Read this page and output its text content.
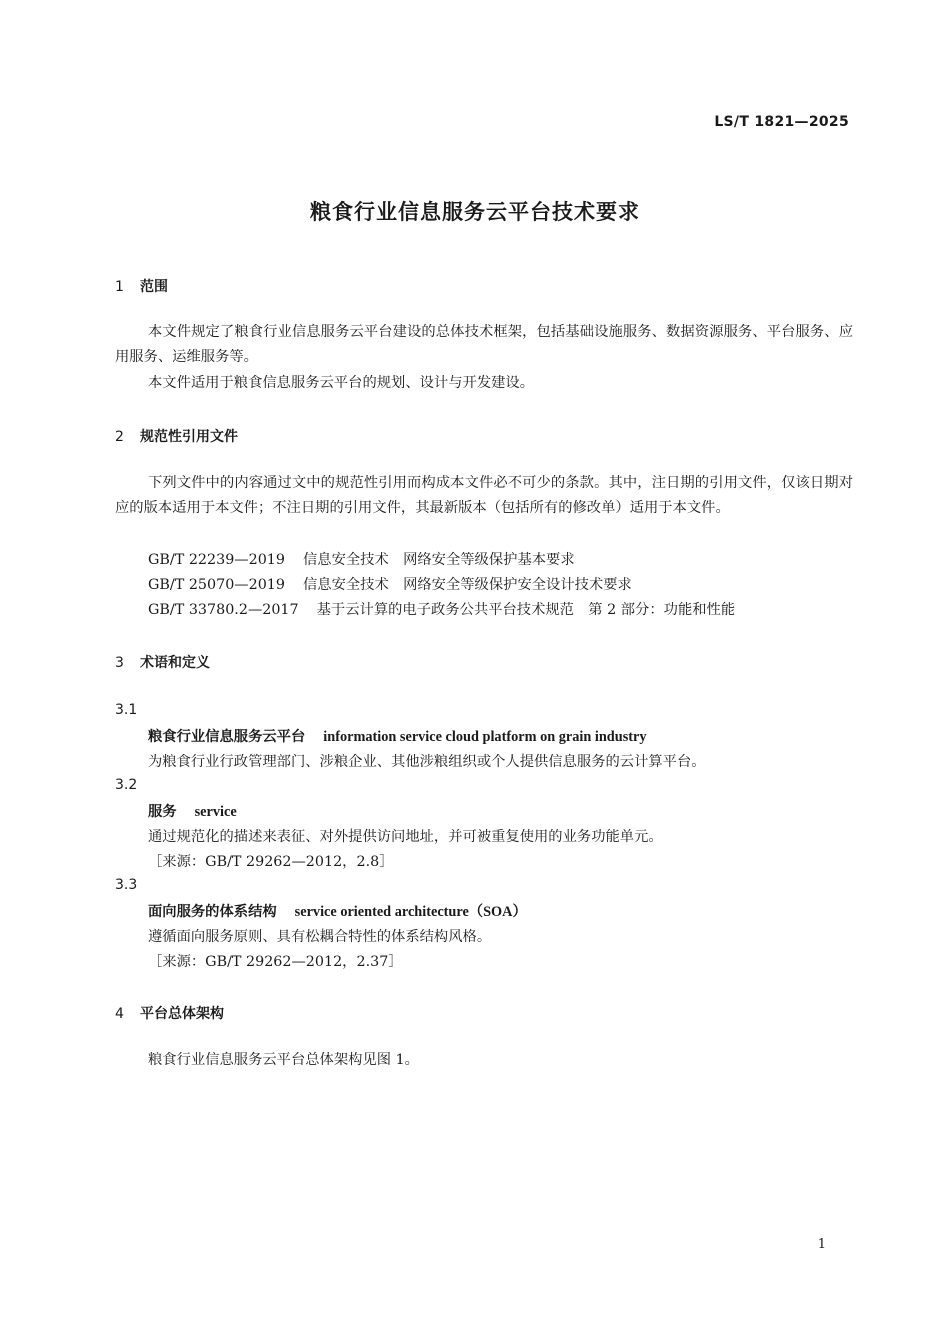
LS/T 1821—2025
粮食行业信息服务云平台技术要求
1 范围
本文件规定了粮食行业信息服务云平台建设的总体技术框架，包括基础设施服务、数据资源服务、平台服务、应用服务、运维服务等。
本文件适用于粮食信息服务云平台的规划、设计与开发建设。
2 规范性引用文件
下列文件中的内容通过文中的规范性引用而构成本文件必不可少的条款。其中，注日期的引用文件，仅该日期对应的版本适用于本文件；不注日期的引用文件，其最新版本（包括所有的修改单）适用于本文件。
GB/T 22239—2019 信息安全技术　网络安全等级保护基本要求
GB/T 25070—2019 信息安全技术　网络安全等级保护安全设计技术要求
GB/T 33780.2—2017 基于云计算的电子政务公共平台技术规范　第 2 部分：功能和性能
3 术语和定义
3.1
粮食行业信息服务云平台 information service cloud platform on grain industry
为粮食行业行政管理部门、涉粮企业、其他涉粮组织或个人提供信息服务的云计算平台。
3.2
服务 service
通过规范化的描述来表征、对外提供访问地址，并可被重复使用的业务功能单元。
［来源：GB/T 29262—2012，2.8］
3.3
面向服务的体系结构 service oriented architecture（SOA）
遵循面向服务原则、具有松耦合特性的体系结构风格。
［来源：GB/T 29262—2012，2.37］
4 平台总体架构
粮食行业信息服务云平台总体架构见图 1。
1
